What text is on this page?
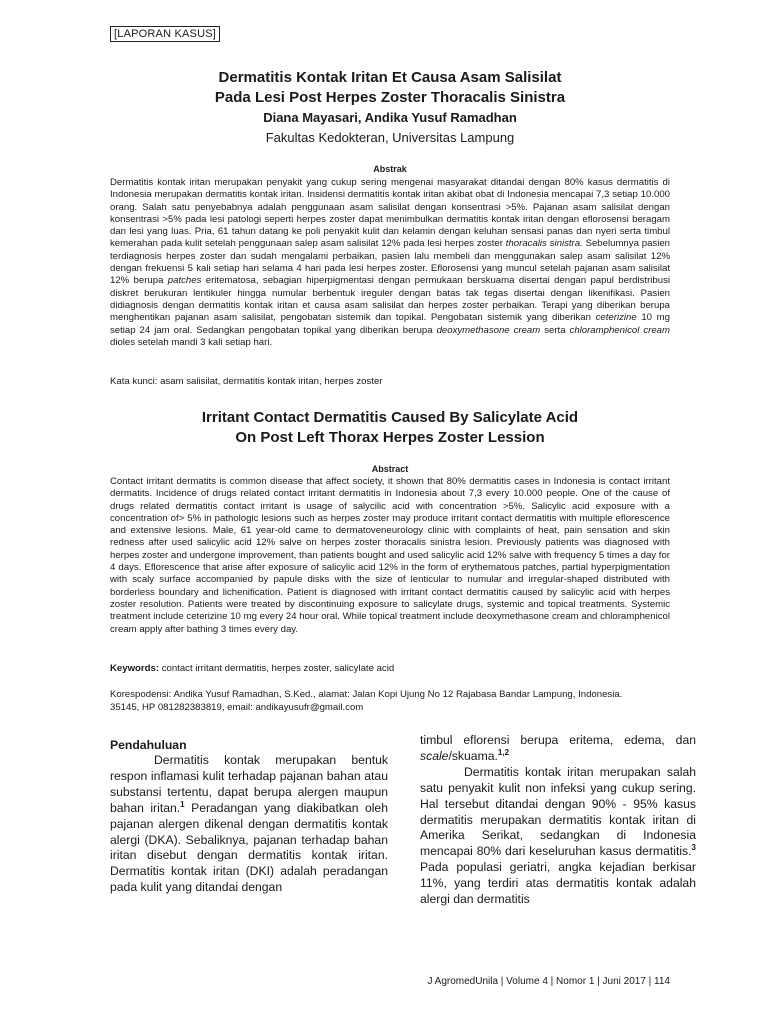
[LAPORAN KASUS]
Dermatitis Kontak Iritan Et Causa Asam Salisilat
Pada Lesi Post Herpes Zoster Thoracalis Sinistra
Diana Mayasari, Andika Yusuf Ramadhan
Fakultas Kedokteran, Universitas Lampung
Abstrak

Dermatitis kontak iritan merupakan penyakit yang cukup sering mengenai masyarakat ditandai dengan 80% kasus dermatitis di Indonesia merupakan dermatitis kontak iritan. Insidensi dermatitis kontak iritan akibat obat di Indonesia mencapai 7,3 setiap 10.000 orang. Salah satu penyebabnya adalah penggunaan asam salisilat dengan konsentrasi >5%. Pajanan asam salisilat dengan konsentrasi >5% pada lesi patologi seperti herpes zoster dapat menimbulkan dermatitis kontak iritan dengan eflorosensi beragam dan lesi yang luas. Pria, 61 tahun datang ke poli penyakit kulit dan kelamin dengan keluhan sensasi panas dan nyeri serta timbul kemerahan pada kulit setelah penggunaan salep asam salisilat 12% pada lesi herpes zoster thoracalis sinistra. Sebelumnya pasien terdiagnosis herpes zoster dan sudah mengalami perbaikan, pasien lalu membeli dan menggunakan salep asam salisilat 12% dengan frekuensi 5 kali setiap hari selama 4 hari pada lesi herpes zoster. Eflorosensi yang muncul setelah pajanan asam salisilat 12% berupa patches eritematosa, sebagian hiperpigmentasi dengan permukaan berskuama disertai dengan papul berdistribusi diskret berukuran lentikuler hingga numular berbentuk ireguler dengan batas tak tegas disertai dengan likenifikasi. Pasien didiagnosis dengan dermatitis kontak iritan et causa asam salisilat dan herpes zoster perbaikan. Terapi yang diberikan berupa menghentikan pajanan asam salisilat, pengobatan sistemik dan topikal. Pengobatan sistemik yang diberikan ceterizine 10 mg setiap 24 jam oral. Sedangkan pengobatan topikal yang diberikan berupa deoxymethasone cream serta chloramphenicol cream dioles setelah mandi 3 kali setiap hari.

Kata kunci: asam salisilat, dermatitis kontak iritan, herpes zoster
Irritant Contact Dermatitis Caused By Salicylate Acid
On Post Left Thorax Herpes Zoster Lession
Abstract

Contact irritant dermatits is common disease that affect society, it shown that 80% dermatitis cases in Indonesia is contact irritant dermatits. Incidence of drugs related contact irritant dermatitis in Indonesia about 7,3 every 10.000 people. One of the cause of drugs related dermatitis contact irritant is usage of salycilic acid with concentration >5%. Salicylic acid exposure with a concentration of> 5% in pathologic lesions such as herpes zoster may produce irritant contact dermatitis with multiple eflorescence and extensive lesions. Male, 61 year-old came to dermatoveneurology clinic with complaints of heat, pain sensation and skin redness after used salicylic acid 12% salve on herpes zoster thoracalis sinistra lesion. Previously patients was diagnosed with herpes zoster and undergone improvement, than patients bought and used salicylic acid 12% salve with frequency 5 times a day for 4 days. Eflorescence that arise after exposure of salicylic acid 12% in the form of erythematous patches, partial hyperpigmentation with scaly surface accompanied by papule disks with the size of lenticular to numular and irregular-shaped distributed with borderless boundary and lichenification. Patient is diagnosed with irritant contact dermatitis caused by salicylic acid with herpes zoster resolution. Patients were treated by discontinuing exposure to salicylate drugs, systemic and topical treatments. Systemic treatment include ceterizine 10 mg every 24 hour oral. While topical treatment include deoxymethasone cream and chloramphenicol cream apply after bathing 3 times every day.

Keywords: contact irritant dermatitis, herpes zoster, salicylate acid
Korespodensi: Andika Yusuf Ramadhan, S.Ked., alamat: Jalan Kopi Ujung No 12 Rajabasa Bandar Lampung, Indonesia.
35145, HP 081282383819, email: andikayusufr@gmail.com

Pendahuluan

Dermatitis kontak merupakan bentuk respon inflamasi kulit terhadap pajanan bahan atau substansi tertentu, dapat berupa alergen maupun bahan iritan.$^1$ Peradangan yang diakibatkan oleh pajanan alergen dikenal dengan dermatitis kontak alergi (DKA). Sebaliknya, pajanan terhadap bahan iritan disebut dengan dermatitis kontak iritan. Dermatitis kontak iritan (DKI) adalah peradangan pada kulit yang ditandai dengan

timbul eflorensi berupa eritema, edema, dan scale/skuama.$^{1,2}$

Dermatitis kontak iritan merupakan salah satu penyakit kulit non infeksi yang cukup sering. Hal tersebut ditandai dengan 90% - 95% kasus dermatitis merupakan dermatitis kontak iritan di Amerika Serikat, sedangkan di Indonesia mencapai 80% dari keseluruhan kasus dermatitis.$^3$ Pada populasi geriatri, angka kejadian berkisar 11%, yang terdiri atas dermatitis kontak adalah alergi dan dermatitis

J AgromedUnila | Volume 4 | Nomor 1 | Juni 2017 | 114
